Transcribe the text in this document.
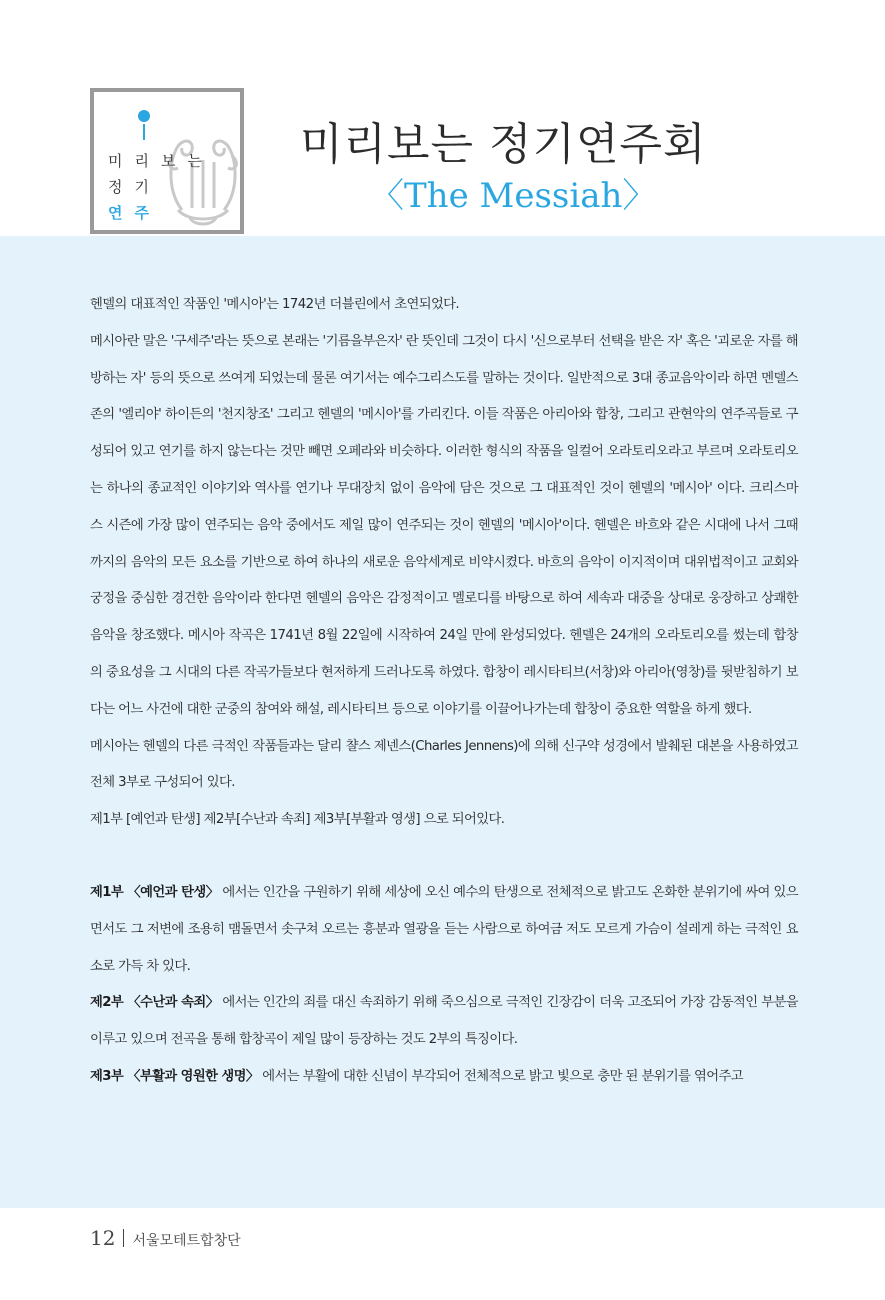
미리보는
정기
연주
미리보는 정기연주회
〈The Messiah〉

헨델의 대표적인 작품인 '메시아'는 1742년 더블린에서 초연되었다.

메시아란 말은 '구세주'라는 뜻으로 본래는 '기름을부은자' 란 뜻인데 그것이 다시 '신으로부터 선택을 받은 자' 혹은 '괴로운 자를 해방하는 자' 등의 뜻으로 쓰여게 되었는데 물론 여기서는 예수그리스도를 말하는 것이다. 일반적으로 3대 종교음악이라 하면 멘델스존의 '엘리야' 하이든의 '천지창조' 그리고 헨델의 '메시아'를 가리킨다. 이들 작품은 아리아와 합창, 그리고 관현악의 연주곡들로 구성되어 있고 연기를 하지 않는다는 것만 빼면 오페라와 비슷하다. 이러한 형식의 작품을 일컬어 오라토리오라고 부르며 오라토리오는 하나의 종교적인 이야기와 역사를 연기나 무대장치 없이 음악에 담은 것으로 그 대표적인 것이 헨델의 '메시아' 이다. 크리스마스 시즌에 가장 많이 연주되는 음악 중에서도 제일 많이 연주되는 것이 헨델의 '메시아'이다. 헨델은 바흐와 같은 시대에 나서 그때까지의 음악의 모든 요소를 기반으로 하여 하나의 새로운 음악세계로 비약시켰다. 바흐의 음악이 이지적이며 대위법적이고 교회와 궁정을 중심한 경건한 음악이라 한다면 헨델의 음악은 감정적이고 멜로디를 바탕으로 하여 세속과 대중을 상대로 웅장하고 상쾌한 음악을 창조했다. 메시아 작곡은 1741년 8월 22일에 시작하여 24일 만에 완성되었다. 헨델은 24개의 오라토리오를 썼는데 합창의 중요성을 그 시대의 다른 작곡가들보다 현저하게 드러나도록 하였다. 합창이 레시타티브(서창)와 아리아(영창)를 뒷받침하기 보다는 어느 사건에 대한 군중의 참여와 해설, 레시타티브 등으로 이야기를 이끌어나가는데 합창이 중요한 역할을 하게 했다.

메시아는 헨델의 다른 극적인 작품들과는 달리 챨스 제넨스(Charles Jennens)에 의해 신구약 성경에서 발췌된 대본을 사용하였고 전체 3부로 구성되어 있다.

제1부 [예언과 탄생] 제2부[수난과 속죄] 제3부[부활과 영생] 으로 되어있다.

제1부 〈예언과 탄생〉 에서는 인간을 구원하기 위해 세상에 오신 예수의 탄생으로 전체적으로 밝고도 온화한 분위기에 싸여 있으면서도 그 저변에 조용히 맴돌면서 솟구쳐 오르는 흥분과 열광을 듣는 사람으로 하여금 저도 모르게 가슴이 설레게 하는 극적인 요소로 가득 차 있다.

제2부 〈수난과 속죄〉 에서는 인간의 죄를 대신 속죄하기 위해 죽으심으로 극적인 긴장감이 더욱 고조되어 가장 감동적인 부분을 이루고 있으며 전곡을 통해 합창곡이 제일 많이 등장하는 것도 2부의 특징이다.

제3부 〈부활과 영원한 생명〉 에서는 부활에 대한 신념이 부각되어 전체적으로 밝고 빛으로 충만 된 분위기를 엮어주고

12 서울모테트합창단
